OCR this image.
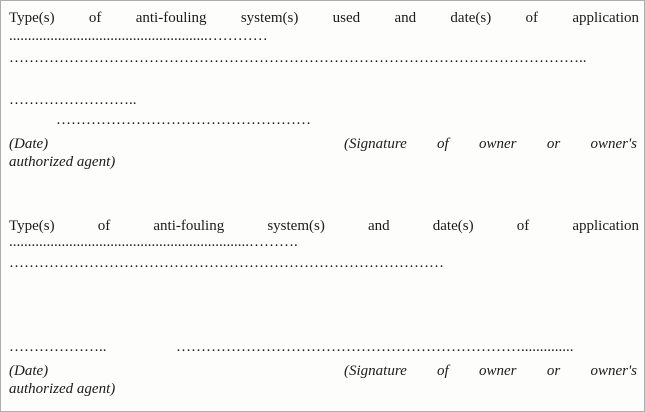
Type(s) of anti-fouling system(s) used and date(s) of application

.....................................................…………

……………………………………………………………………………………………………..

……………………..

……………………………………………

(Date)	(Signature of owner or owner's

authorized agent)

Type(s) of anti-fouling system(s) and date(s) of application

................................................................……….

……………………………………………………………………………

………………..	……………………………………………………………..............

(Date)	(Signature of owner or owner's

authorized agent)
